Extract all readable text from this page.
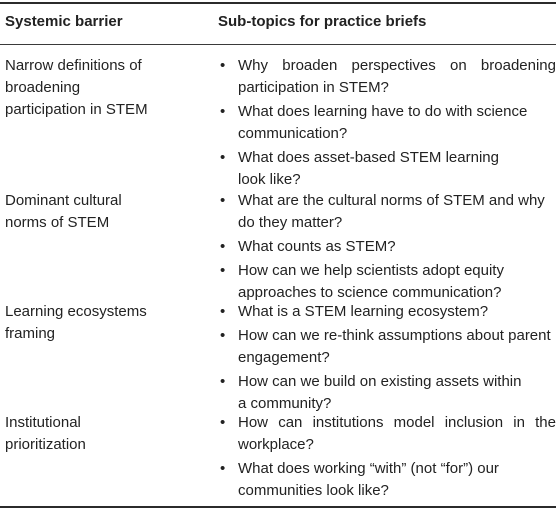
Systemic barrier	Sub-topics for practice briefs
Narrow definitions of
broadening
participation in STEM
• Why broaden perspectives on broadening
participation in STEM?
• What does learning have to do with science
communication?
• What does asset-based STEM learning
look like?
Dominant cultural
norms of STEM
• What are the cultural norms of STEM and why
do they matter?
• What counts as STEM?
• How can we help scientists adopt equity
approaches to science communication?
Learning ecosystems
framing
• What is a STEM learning ecosystem?
• How can we re-think assumptions about parent
engagement?
• How can we build on existing assets within
a community?
Institutional
prioritization
• How can institutions model inclusion in the
workplace?
• What does working “with” (not “for”) our
communities look like?
